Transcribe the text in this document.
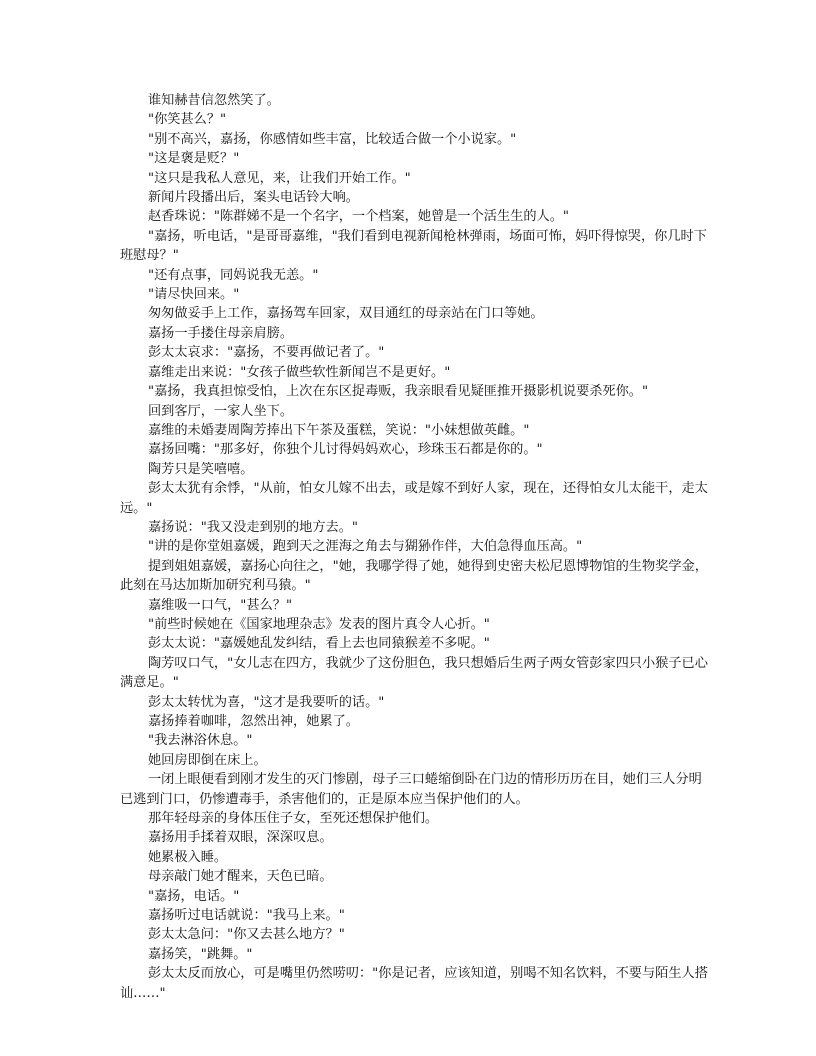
谁知赫昔信忽然笑了。

"你笑甚么？"

"别不高兴，嘉扬，你感情如些丰富，比较适合做一个小说家。"

"这是褒是贬？"

"这只是我私人意见，来，让我们开始工作。"

新闻片段播出后，案头电话铃大响。

赵香珠说："陈群娣不是一个名字，一个档案，她曾是一个活生生的人。"

"嘉扬，听电话，"是哥哥嘉维，"我们看到电视新闻枪林弹雨，场面可怖，妈吓得惊哭，你几时下班慰母？"

"还有点事，同妈说我无恙。"

"请尽快回来。"

匆匆做妥手上工作，嘉扬驾车回家，双目通红的母亲站在门口等她。

嘉扬一手搂住母亲肩膀。

彭太太哀求："嘉扬，不要再做记者了。"

嘉维走出来说："女孩子做些软性新闻岂不是更好。"

"嘉扬，我真担惊受怕，上次在东区捉毒贩，我亲眼看见疑匪推开摄影机说要杀死你。"

回到客厅，一家人坐下。

嘉维的未婚妻周陶芳捧出下午茶及蛋糕，笑说："小妹想做英雌。"

嘉扬回嘴："那多好，你独个儿讨得妈妈欢心，珍珠玉石都是你的。"

陶芳只是笑嘻嘻。

彭太太犹有余悸，"从前，怕女儿嫁不出去，或是嫁不到好人家，现在，还得怕女儿太能干，走太远。"

嘉扬说："我又没走到别的地方去。"

"讲的是你堂姐嘉媛，跑到天之涯海之角去与猢狲作伴，大伯急得血压高。"

提到姐姐嘉媛，嘉扬心向往之，"她，我哪学得了她，她得到史密夫松尼恩博物馆的生物奖学金，此刻在马达加斯加研究利马猿。"

嘉维吸一口气，"甚么？"

"前些时候她在《国家地理杂志》发表的图片真令人心折。"

彭太太说："嘉媛她乱发纠结，看上去也同猿猴差不多呢。"

陶芳叹口气，"女儿志在四方，我就少了这份胆色，我只想婚后生两子两女管彭家四只小猴子已心满意足。"

彭太太转忧为喜，"这才是我要听的话。"

嘉扬捧着咖啡，忽然出神，她累了。

"我去淋浴休息。"

她回房即倒在床上。

一闭上眼便看到刚才发生的灭门惨剧，母子三口蜷缩倒卧在门边的情形历历在目，她们三人分明已逃到门口，仍惨遭毒手，杀害他们的，正是原本应当保护他们的人。

那年轻母亲的身体压住子女，至死还想保护他们。

嘉扬用手揉着双眼，深深叹息。

她累极入睡。

母亲敲门她才醒来，天色已暗。

"嘉扬，电话。"

嘉扬听过电话就说："我马上来。"

彭太太急问："你又去甚么地方？"

嘉扬笑，"跳舞。"

彭太太反而放心，可是嘴里仍然唠叨："你是记者，应该知道，别喝不知名饮料，不要与陌生人搭讪……"
